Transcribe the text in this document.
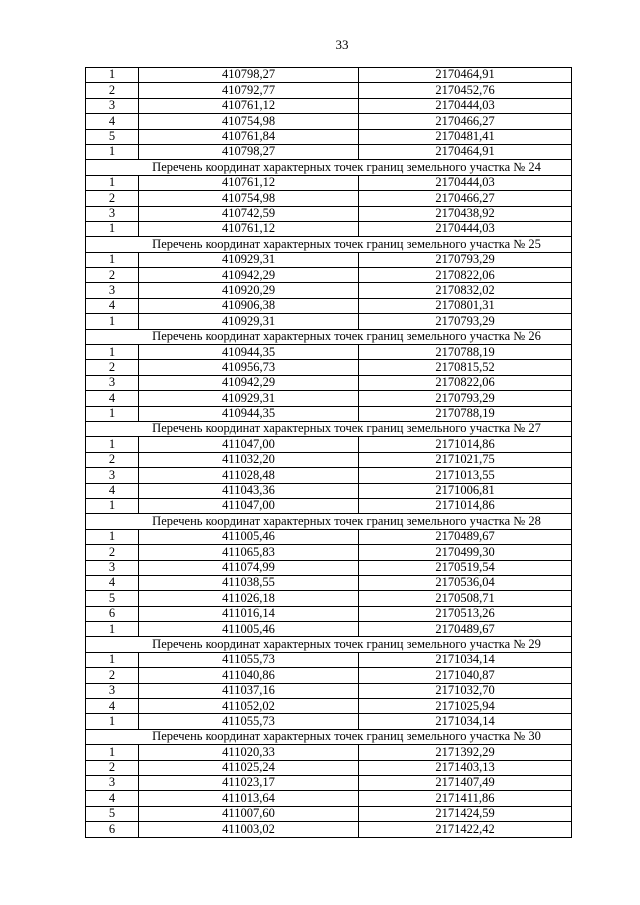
33
1	410798,27	2170464,91
2	410792,77	2170452,76
3	410761,12	2170444,03
4	410754,98	2170466,27
5	410761,84	2170481,41
1	410798,27	2170464,91
Перечень координат характерных точек границ земельного участка № 24		
1	410761,12	2170444,03
2	410754,98	2170466,27
3	410742,59	2170438,92
1	410761,12	2170444,03
Перечень координат характерных точек границ земельного участка № 25		
1	410929,31	2170793,29
2	410942,29	2170822,06
3	410920,29	2170832,02
4	410906,38	2170801,31
1	410929,31	2170793,29
Перечень координат характерных точек границ земельного участка № 26		
1	410944,35	2170788,19
2	410956,73	2170815,52
3	410942,29	2170822,06
4	410929,31	2170793,29
1	410944,35	2170788,19
Перечень координат характерных точек границ земельного участка № 27		
1	411047,00	2171014,86
2	411032,20	2171021,75
3	411028,48	2171013,55
4	411043,36	2171006,81
1	411047,00	2171014,86
Перечень координат характерных точек границ земельного участка № 28		
1	411005,46	2170489,67
2	411065,83	2170499,30
3	411074,99	2170519,54
4	411038,55	2170536,04
5	411026,18	2170508,71
6	411016,14	2170513,26
1	411005,46	2170489,67
Перечень координат характерных точек границ земельного участка № 29		
1	411055,73	2171034,14
2	411040,86	2171040,87
3	411037,16	2171032,70
4	411052,02	2171025,94
1	411055,73	2171034,14
Перечень координат характерных точек границ земельного участка № 30		
1	411020,33	2171392,29
2	411025,24	2171403,13
3	411023,17	2171407,49
4	411013,64	2171411,86
5	411007,60	2171424,59
6	411003,02	2171422,42
